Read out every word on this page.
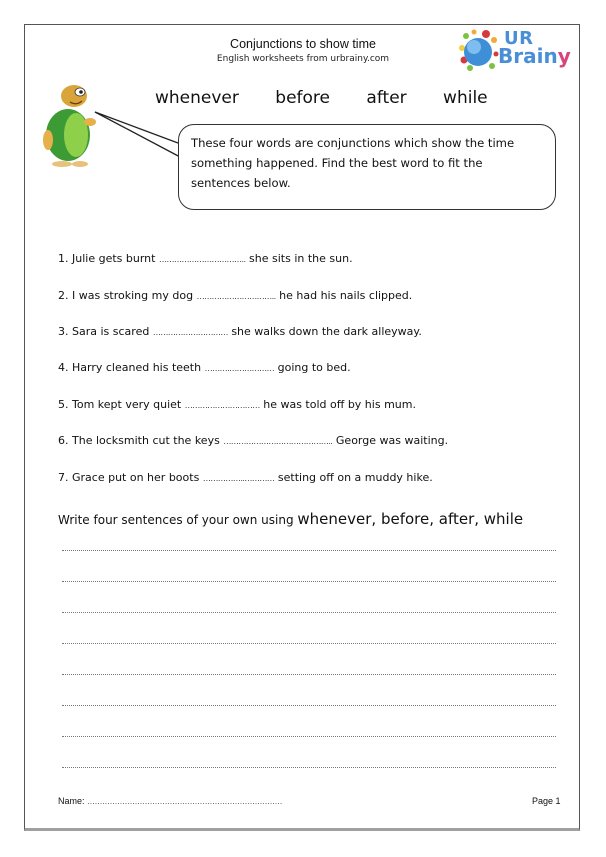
Conjunctions to show time
English worksheets from urbrainy.com
UR
Brainy
whenever before after while
These four words are conjunctions which show the time something happened. Find the best word to fit the sentences below.
1. Julie gets burnt …………………………….. she sits in the sun.
2. I was stroking my dog ………………………….. he had his nails clipped.
3. Sara is scared ………………………… she walks down the dark alleyway.
4. Harry cleaned his teeth ……….……………… going to bed.
5. Tom kept very quiet ………………………… he was told off by his mum.
6. The locksmith cut the keys …………………………………….. George was waiting.
7. Grace put on her boots ……………..………… setting off on a muddy hike.
Write four sentences of your own using whenever, before, after, while
Name: ……………………………………………………………………	Page 1
